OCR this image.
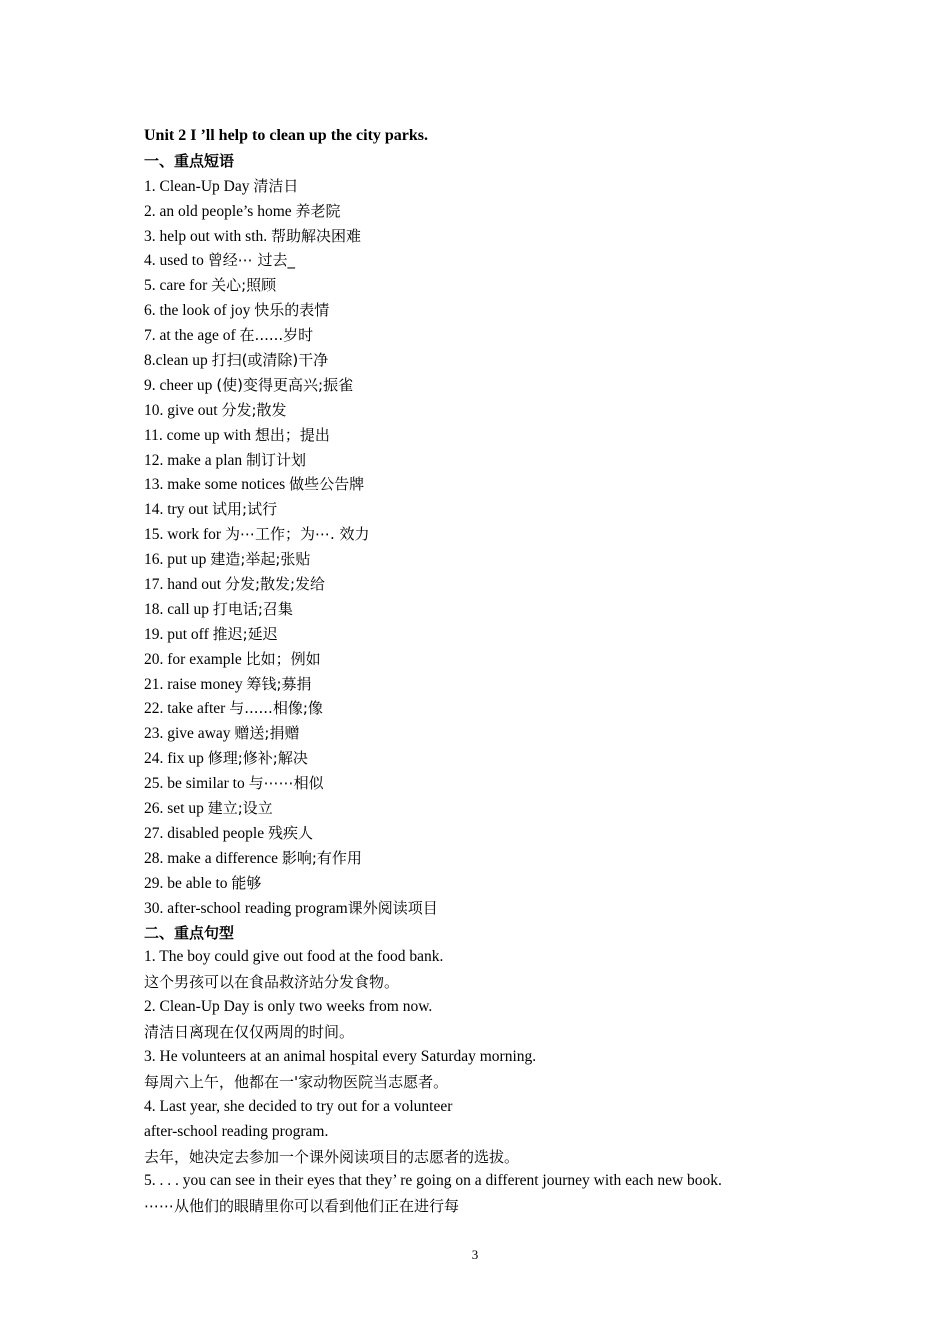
Unit 2 I ’ll help to clean up the city parks.
一、重点短语
1. Clean-Up Day 清洁日
2. an old people’s home 养老院
3. help out with sth. 帮助解决困难
4. used to 曾经⋯ 过去_
5. care for 关心;照顾
6. the look of joy 快乐的表情
7. at the age of 在......岁时
8.clean up 打扫(或清除)干净
9. cheer up (使)变得更高兴;振雀
10. give out 分发;散发
11. come up with 想出；提出
12. make a plan 制订计划
13. make some notices 做些公告牌
14. try out 试用;试行
15. work for 为⋯工作；为⋯. 效力
16. put up 建造;举起;张贴
17. hand out 分发;散发;发给
18. call up 打电话;召集
19. put off 推迟;延迟
20. for example 比如；例如
21. raise money 筹钱;募捐
22. take after 与......相像;像
23. give away 赠送;捐赠
24. fix up 修理;修补;解决
25. be similar to 与⋯⋯相似
26. set up 建立;设立
27. disabled people 残疾人
28. make a difference 影响;有作用
29. be able to 能够
30. after-school reading program课外阅读项目
二、重点句型
1. The boy could give out food at the food bank.
这个男孩可以在食品救济站分发食物。
2. Clean-Up Day is only two weeks from now.
清洁日离现在仅仅两周的时间。
3. He volunteers at an animal hospital every Saturday morning.
每周六上午，他都在一'家动物医院当志愿者。
4. Last year, she decided to try out for a volunteer
after-school reading program.
去年，她决定去参加一个课外阅读项目的志愿者的选拔。
5. . . . you can see in their eyes that they’ re going on a different journey with each new book.
⋯⋯从他们的眼睛里你可以看到他们正在进行每
3
